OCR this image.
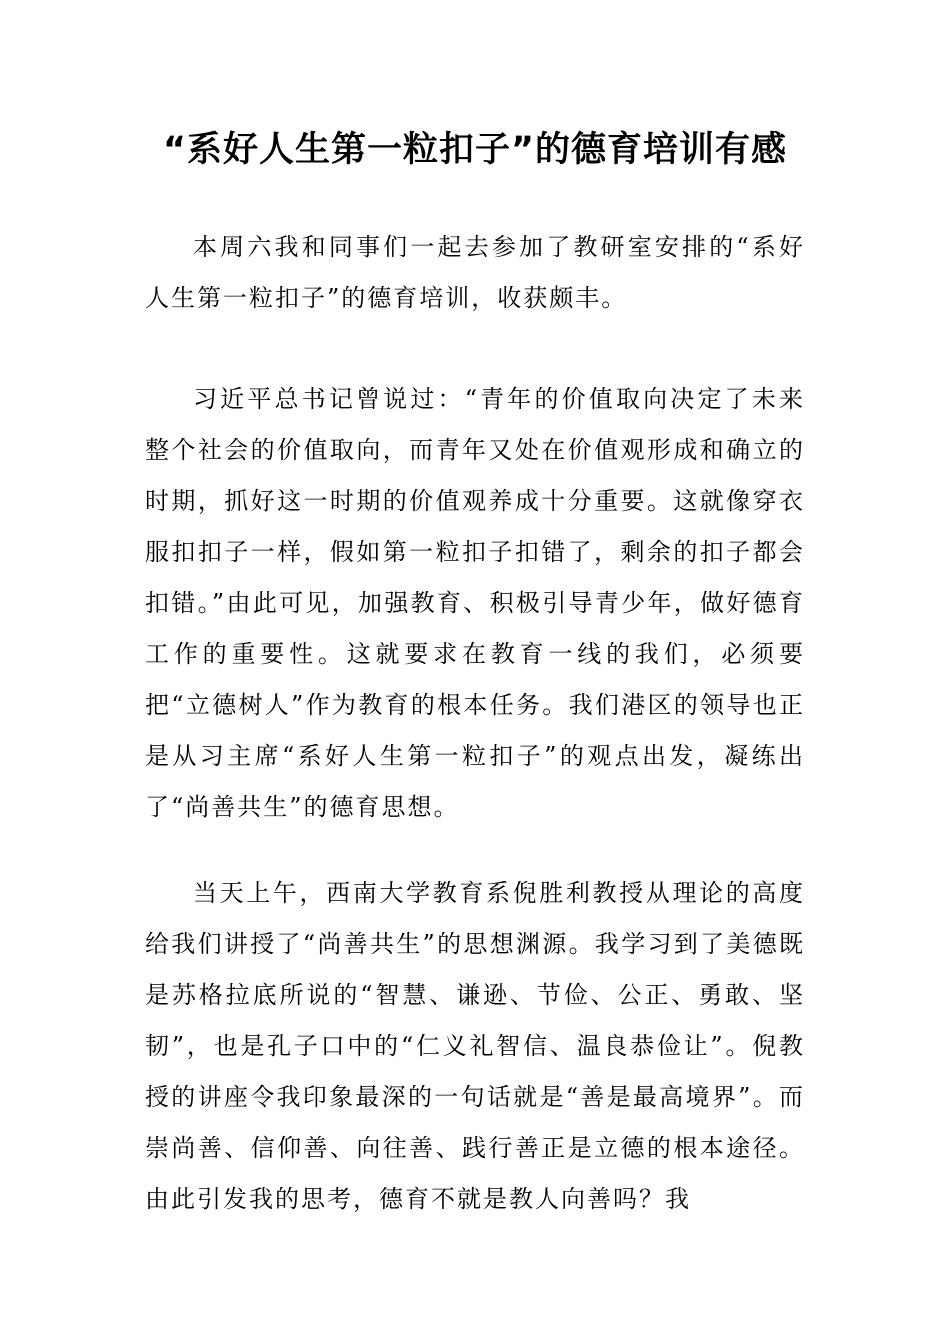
“系好人生第一粒扣子”的德育培训有感

本周六我和同事们一起去参加了教研室安排的“系好人生第一粒扣子”的德育培训，收获颇丰。

习近平总书记曾说过：“青年的价值取向决定了未来整个社会的价值取向，而青年又处在价值观形成和确立的时期，抓好这一时期的价值观养成十分重要。这就像穿衣服扣扣子一样，假如第一粒扣子扣错了，剩余的扣子都会扣错。”由此可见，加强教育、积极引导青少年，做好德育工作的重要性。这就要求在教育一线的我们，必须要把“立德树人”作为教育的根本任务。我们港区的领导也正是从习主席“系好人生第一粒扣子”的观点出发，凝练出了“尚善共生”的德育思想。

当天上午，西南大学教育系倪胜利教授从理论的高度给我们讲授了“尚善共生”的思想渊源。我学习到了美德既是苏格拉底所说的“智慧、谦逊、节俭、公正、勇敢、坚韧”，也是孔子口中的“仁义礼智信、温良恭俭让”。倪教授的讲座令我印象最深的一句话就是“善是最高境界”。而崇尚善、信仰善、向往善、践行善正是立德的根本途径。由此引发我的思考，德育不就是教人向善吗？我
